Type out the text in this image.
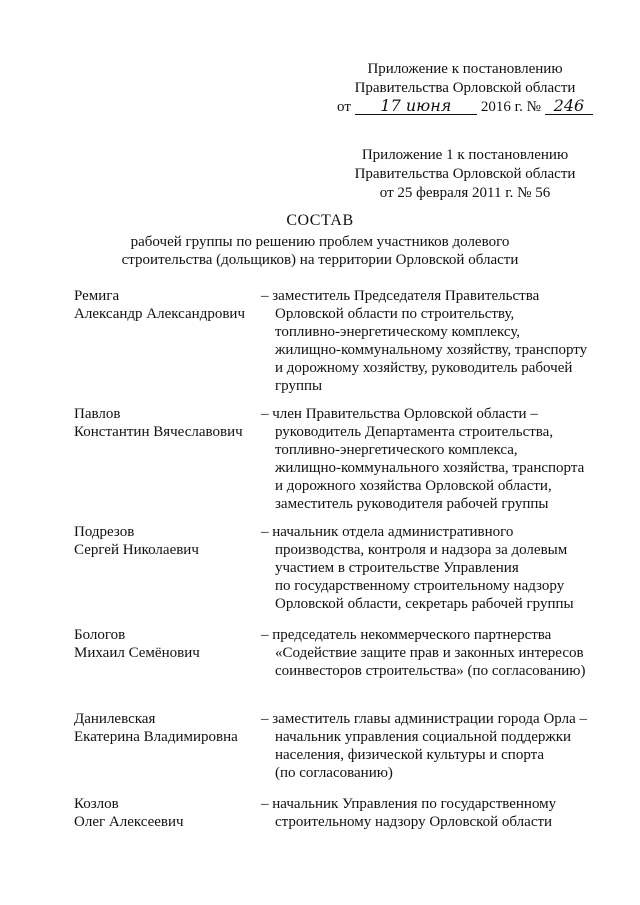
Приложение к постановлению
Правительства Орловской области
от	17 июня	2016 г. № 246
Приложение 1 к постановлению
Правительства Орловской области
от 25 февраля 2011 г. № 56
СОСТАВ
рабочей группы по решению проблем участников долевого
строительства (дольщиков) на территории Орловской области
Ремига
Александр Александрович
– заместитель Председателя Правительства
Орловской области по строительству,
топливно-энергетическому комплексу,
жилищно-коммунальному хозяйству, транспорту
и дорожному хозяйству, руководитель рабочей
группы
Павлов
Константин Вячеславович
– член Правительства Орловской области –
руководитель Департамента строительства,
топливно-энергетического комплекса,
жилищно-коммунального хозяйства, транспорта
и дорожного хозяйства Орловской области,
заместитель руководителя рабочей группы
Подрезов
Сергей Николаевич
– начальник отдела административного
производства, контроля и надзора за долевым
участием в строительстве Управления
по государственному строительному надзору
Орловской области, секретарь рабочей группы
Бологов
Михаил Семёнович
– председатель некоммерческого партнерства
«Содействие защите прав и законных интересов
соинвесторов строительства» (по согласованию)
Данилевская
Екатерина Владимировна
– заместитель главы администрации города Орла –
начальник управления социальной поддержки
населения, физической культуры и спорта
(по согласованию)
Козлов
Олег Алексеевич
– начальник Управления по государственному
строительному надзору Орловской области
